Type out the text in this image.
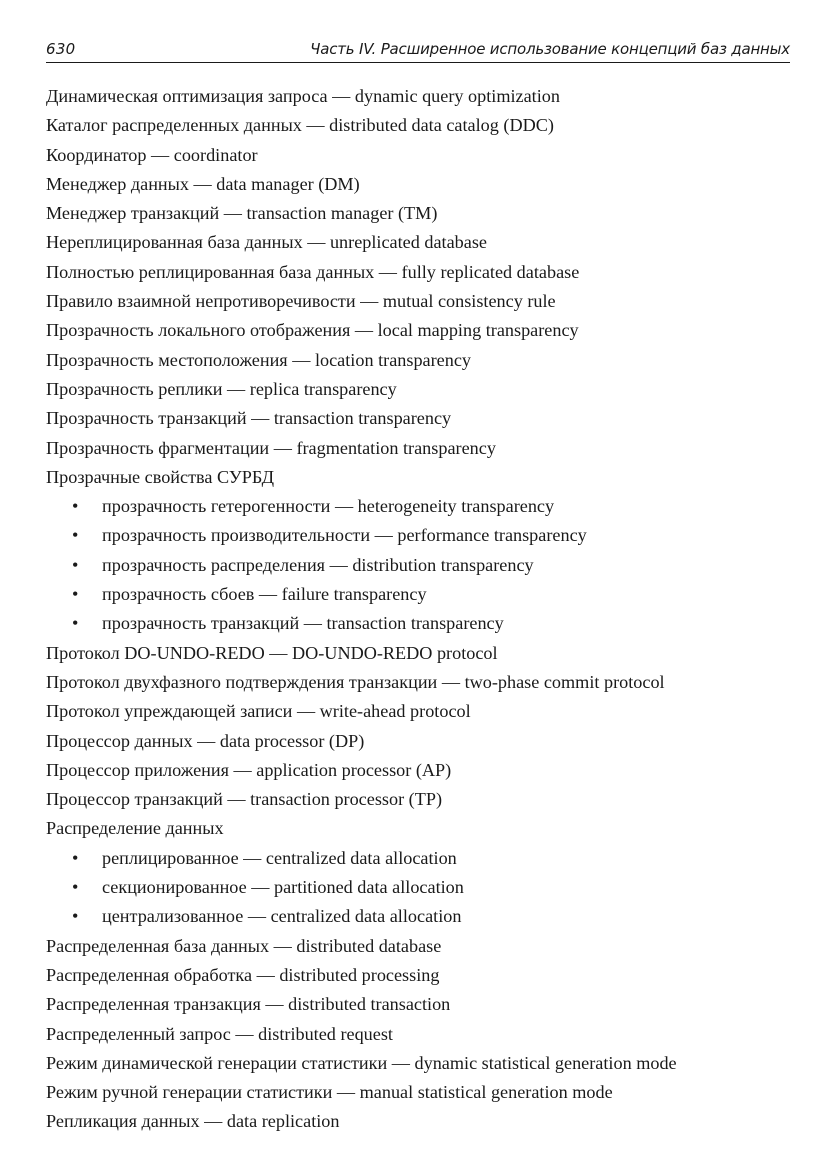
630	Часть IV. Расширенное использование концепций баз данных
Динамическая оптимизация запроса — dynamic query optimization
Каталог распределенных данных — distributed data catalog (DDC)
Координатор — coordinator
Менеджер данных — data manager (DM)
Менеджер транзакций — transaction manager (TM)
Нереплицированная база данных — unreplicated database
Полностью реплицированная база данных — fully replicated database
Правило взаимной непротиворечивости — mutual consistency rule
Прозрачность локального отображения — local mapping transparency
Прозрачность местоположения — location transparency
Прозрачность реплики — replica transparency
Прозрачность транзакций — transaction transparency
Прозрачность фрагментации — fragmentation transparency
Прозрачные свойства СУРБД
• прозрачность гетерогенности — heterogeneity transparency
• прозрачность производительности — performance transparency
• прозрачность распределения — distribution transparency
• прозрачность сбоев — failure transparency
• прозрачность транзакций — transaction transparency
Протокол DO-UNDO-REDO — DO-UNDO-REDO protocol
Протокол двухфазного подтверждения транзакции — two-phase commit protocol
Протокол упреждающей записи — write-ahead protocol
Процессор данных — data processor (DP)
Процессор приложения — application processor (AP)
Процессор транзакций — transaction processor (TP)
Распределение данных
• реплицированное — centralized data allocation
• секционированное — partitioned data allocation
• централизованное — centralized data allocation
Распределенная база данных — distributed database
Распределенная обработка — distributed processing
Распределенная транзакция — distributed transaction
Распределенный запрос — distributed request
Режим динамической генерации статистики — dynamic statistical generation mode
Режим ручной генерации статистики — manual statistical generation mode
Репликация данных — data replication
